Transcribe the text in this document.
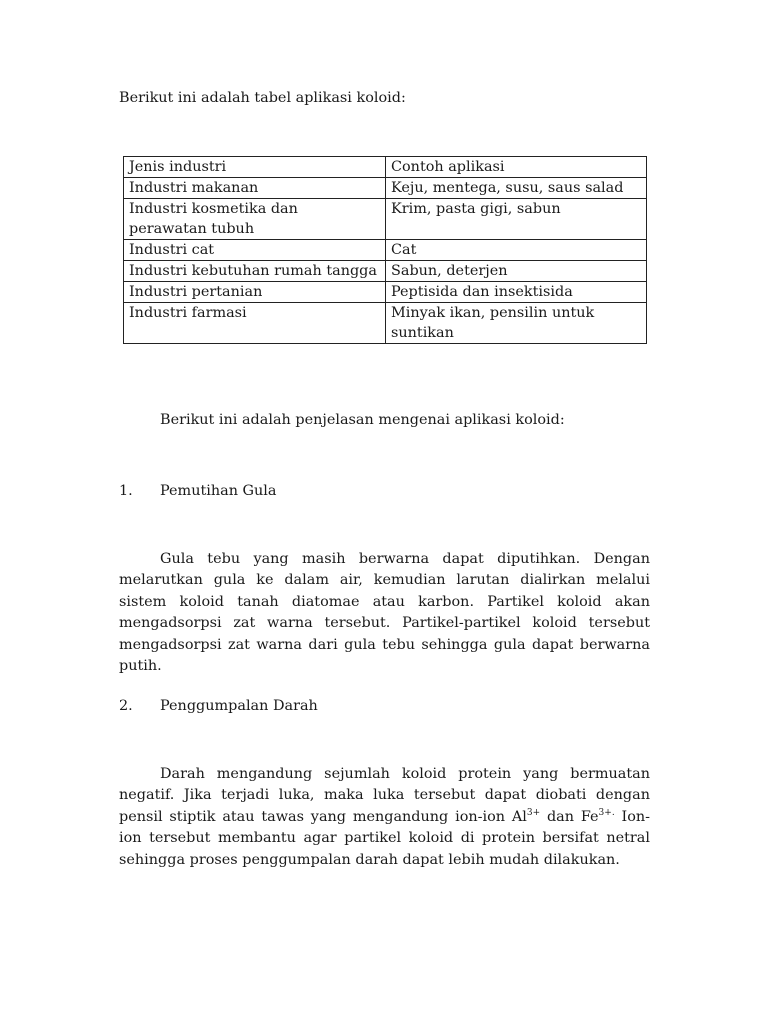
Berikut ini adalah tabel aplikasi koloid:

Jenis industri	Contoh aplikasi
Industri makanan	Keju, mentega, susu, saus salad
Industri kosmetika dan perawatan tubuh	Krim, pasta gigi, sabun
Industri cat	Cat
Industri kebutuhan rumah tangga	Sabun, deterjen
Industri pertanian	Peptisida dan insektisida
Industri farmasi	Minyak ikan, pensilin untuk suntikan

Berikut ini adalah penjelasan mengenai aplikasi koloid:

1. Pemutihan Gula

Gula tebu yang masih berwarna dapat diputihkan. Dengan melarutkan gula ke dalam air, kemudian larutan dialirkan melalui sistem koloid tanah diatomae atau karbon. Partikel koloid akan mengadsorpsi zat warna tersebut. Partikel-partikel koloid tersebut mengadsorpsi zat warna dari gula tebu sehingga gula dapat berwarna putih.

2. Penggumpalan Darah

Darah mengandung sejumlah koloid protein yang bermuatan negatif. Jika terjadi luka, maka luka tersebut dapat diobati dengan pensil stiptik atau tawas yang mengandung ion-ion $Al^{3+}$ dan $Fe^{3+.}$ Ion-ion tersebut membantu agar partikel koloid di protein bersifat netral sehingga proses penggumpalan darah dapat lebih mudah dilakukan.
